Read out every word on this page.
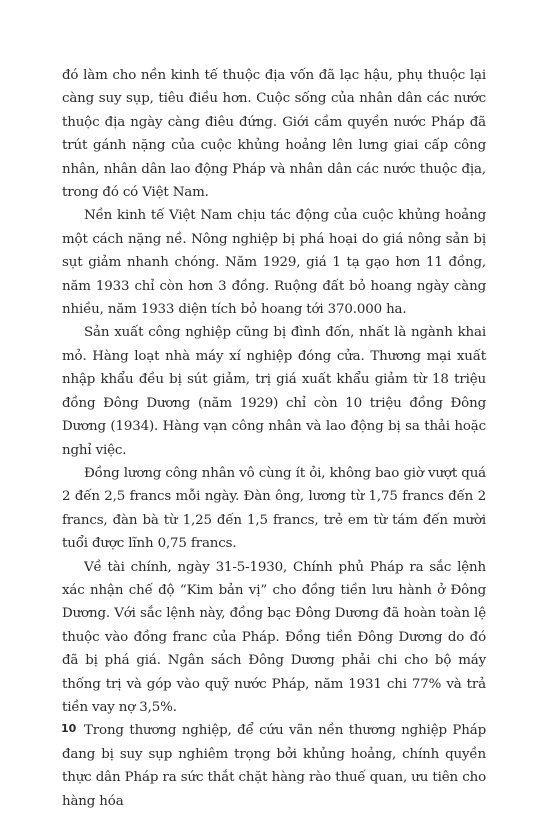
đó làm cho nền kinh tế thuộc địa vốn đã lạc hậu, phụ thuộc lại càng suy sụp, tiêu điều hơn. Cuộc sống của nhân dân các nước thuộc địa ngày càng điêu đứng. Giới cầm quyền nước Pháp đã trút gánh nặng của cuộc khủng hoảng lên lưng giai cấp công nhân, nhân dân lao động Pháp và nhân dân các nước thuộc địa, trong đó có Việt Nam.

Nền kinh tế Việt Nam chịu tác động của cuộc khủng hoảng một cách nặng nề. Nông nghiệp bị phá hoại do giá nông sản bị sụt giảm nhanh chóng. Năm 1929, giá 1 tạ gạo hơn 11 đồng, năm 1933 chỉ còn hơn 3 đồng. Ruộng đất bỏ hoang ngày càng nhiều, năm 1933 diện tích bỏ hoang tới 370.000 ha.

Sản xuất công nghiệp cũng bị đình đốn, nhất là ngành khai mỏ. Hàng loạt nhà máy xí nghiệp đóng cửa. Thương mại xuất nhập khẩu đều bị sút giảm, trị giá xuất khẩu giảm từ 18 triệu đồng Đông Dương (năm 1929) chỉ còn 10 triệu đồng Đông Dương (1934). Hàng vạn công nhân và lao động bị sa thải hoặc nghỉ việc.

Đồng lương công nhân vô cùng ít ỏi, không bao giờ vượt quá 2 đến 2,5 francs mỗi ngày. Đàn ông, lương từ 1,75 francs đến 2 francs, đàn bà từ 1,25 đến 1,5 francs, trẻ em từ tám đến mười tuổi được lĩnh 0,75 francs.

Về tài chính, ngày 31-5-1930, Chính phủ Pháp ra sắc lệnh xác nhận chế độ “Kim bản vị” cho đồng tiền lưu hành ở Đông Dương. Với sắc lệnh này, đồng bạc Đông Dương đã hoàn toàn lệ thuộc vào đồng franc của Pháp. Đồng tiền Đông Dương do đó đã bị phá giá. Ngân sách Đông Dương phải chi cho bộ máy thống trị và góp vào quỹ nước Pháp, năm 1931 chi 77% và trả tiền vay nợ 3,5%.

Trong thương nghiệp, để cứu vãn nền thương nghiệp Pháp đang bị suy sụp nghiêm trọng bởi khủng hoảng, chính quyền thực dân Pháp ra sức thắt chặt hàng rào thuế quan, ưu tiên cho hàng hóa

10
